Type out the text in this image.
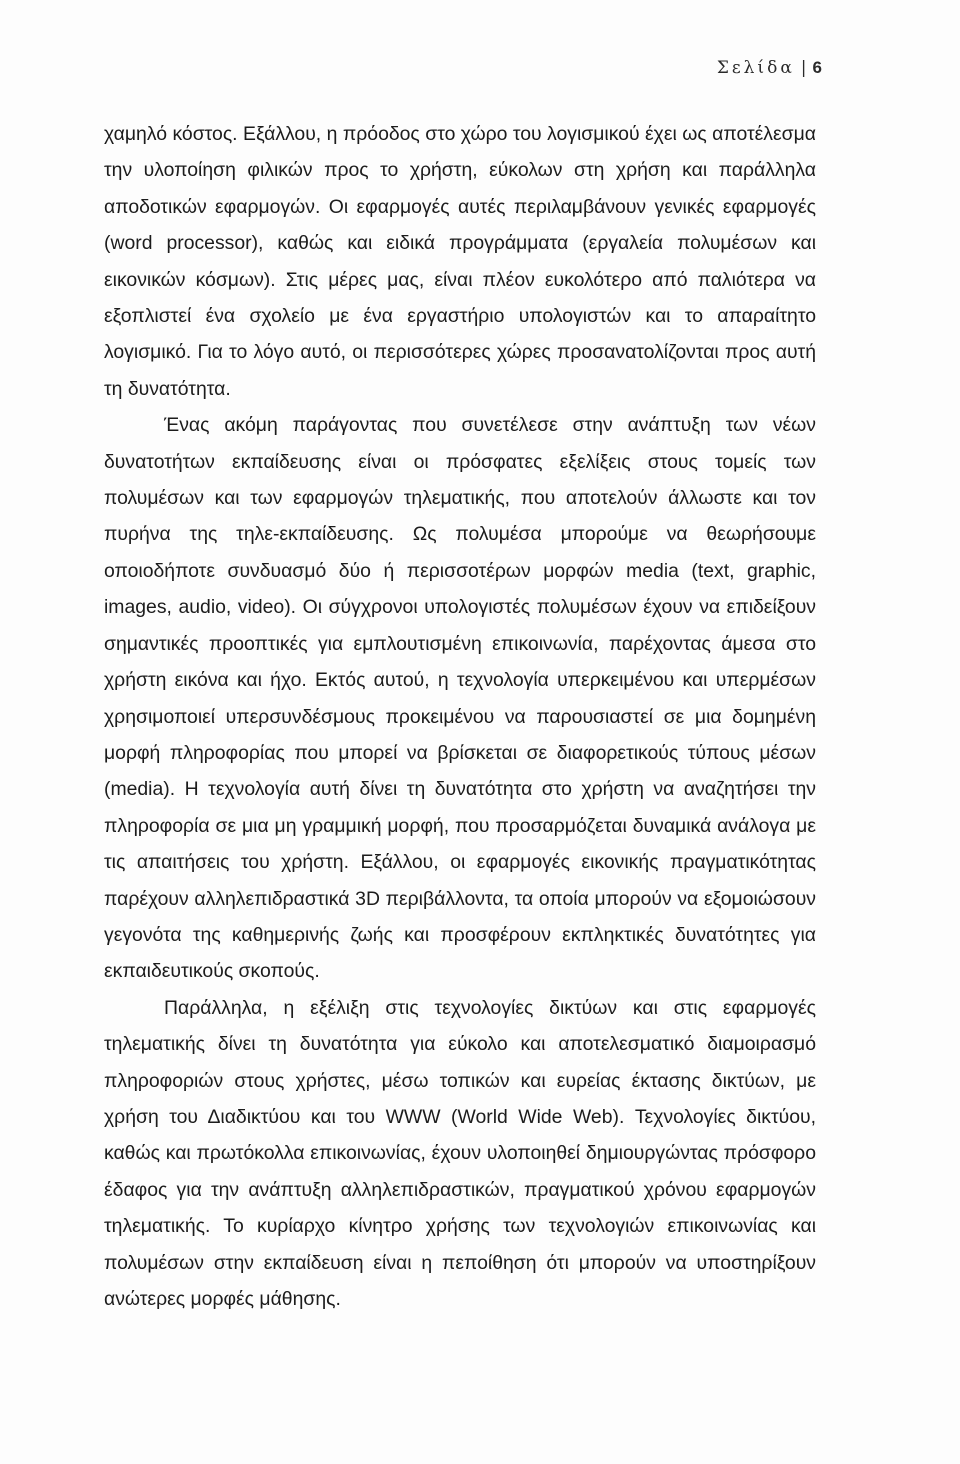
Σελίδα | 6

χαμηλό κόστος. Εξάλλου, η πρόοδος στο χώρο του λογισμικού έχει ως αποτέλεσμα την υλοποίηση φιλικών προς το χρήστη, εύκολων στη χρήση και παράλληλα αποδοτικών εφαρμογών. Οι εφαρμογές αυτές περιλαμβάνουν γενικές εφαρμογές (word processor), καθώς και ειδικά προγράμματα (εργαλεία πολυμέσων και εικονικών κόσμων). Στις μέρες μας, είναι πλέον ευκολότερο από παλιότερα να εξοπλιστεί ένα σχολείο με ένα εργαστήριο υπολογιστών και το απαραίτητο λογισμικό. Για το λόγο αυτό, οι περισσότερες χώρες προσανατολίζονται προς αυτή τη δυνατότητα.

Ένας ακόμη παράγοντας που συνετέλεσε στην ανάπτυξη των νέων δυνατοτήτων εκπαίδευσης είναι οι πρόσφατες εξελίξεις στους τομείς των πολυμέσων και των εφαρμογών τηλεματικής, που αποτελούν άλλωστε και τον πυρήνα της τηλε-εκπαίδευσης. Ως πολυμέσα μπορούμε να θεωρήσουμε οποιοδήποτε συνδυασμό δύο ή περισσοτέρων μορφών media (text, graphic, images, audio, video). Οι σύγχρονοι υπολογιστές πολυμέσων έχουν να επιδείξουν σημαντικές προοπτικές για εμπλουτισμένη επικοινωνία, παρέχοντας άμεσα στο χρήστη εικόνα και ήχο. Εκτός αυτού, η τεχνολογία υπερκειμένου και υπερμέσων χρησιμοποιεί υπερσυνδέσμους προκειμένου να παρουσιαστεί σε μια δομημένη μορφή πληροφορίας που μπορεί να βρίσκεται σε διαφορετικούς τύπους μέσων (media). Η τεχνολογία αυτή δίνει τη δυνατότητα στο χρήστη να αναζητήσει την πληροφορία σε μια μη γραμμική μορφή, που προσαρμόζεται δυναμικά ανάλογα με τις απαιτήσεις του χρήστη. Εξάλλου, οι εφαρμογές εικονικής πραγματικότητας παρέχουν αλληλεπιδραστικά 3D περιβάλλοντα, τα οποία μπορούν να εξομοιώσουν γεγονότα της καθημερινής ζωής και προσφέρουν εκπληκτικές δυνατότητες για εκπαιδευτικούς σκοπούς.

Παράλληλα, η εξέλιξη στις τεχνολογίες δικτύων και στις εφαρμογές τηλεματικής δίνει τη δυνατότητα για εύκολο και αποτελεσματικό διαμοιρασμό πληροφοριών στους χρήστες, μέσω τοπικών και ευρείας έκτασης δικτύων, με χρήση του Διαδικτύου και του WWW (World Wide Web). Τεχνολογίες δικτύου, καθώς και πρωτόκολλα επικοινωνίας, έχουν υλοποιηθεί δημιουργώντας πρόσφορο έδαφος για την ανάπτυξη αλληλεπιδραστικών, πραγματικού χρόνου εφαρμογών τηλεματικής. Το κυρίαρχο κίνητρο χρήσης των τεχνολογιών επικοινωνίας και πολυμέσων στην εκπαίδευση είναι η πεποίθηση ότι μπορούν να υποστηρίξουν ανώτερες μορφές μάθησης.
